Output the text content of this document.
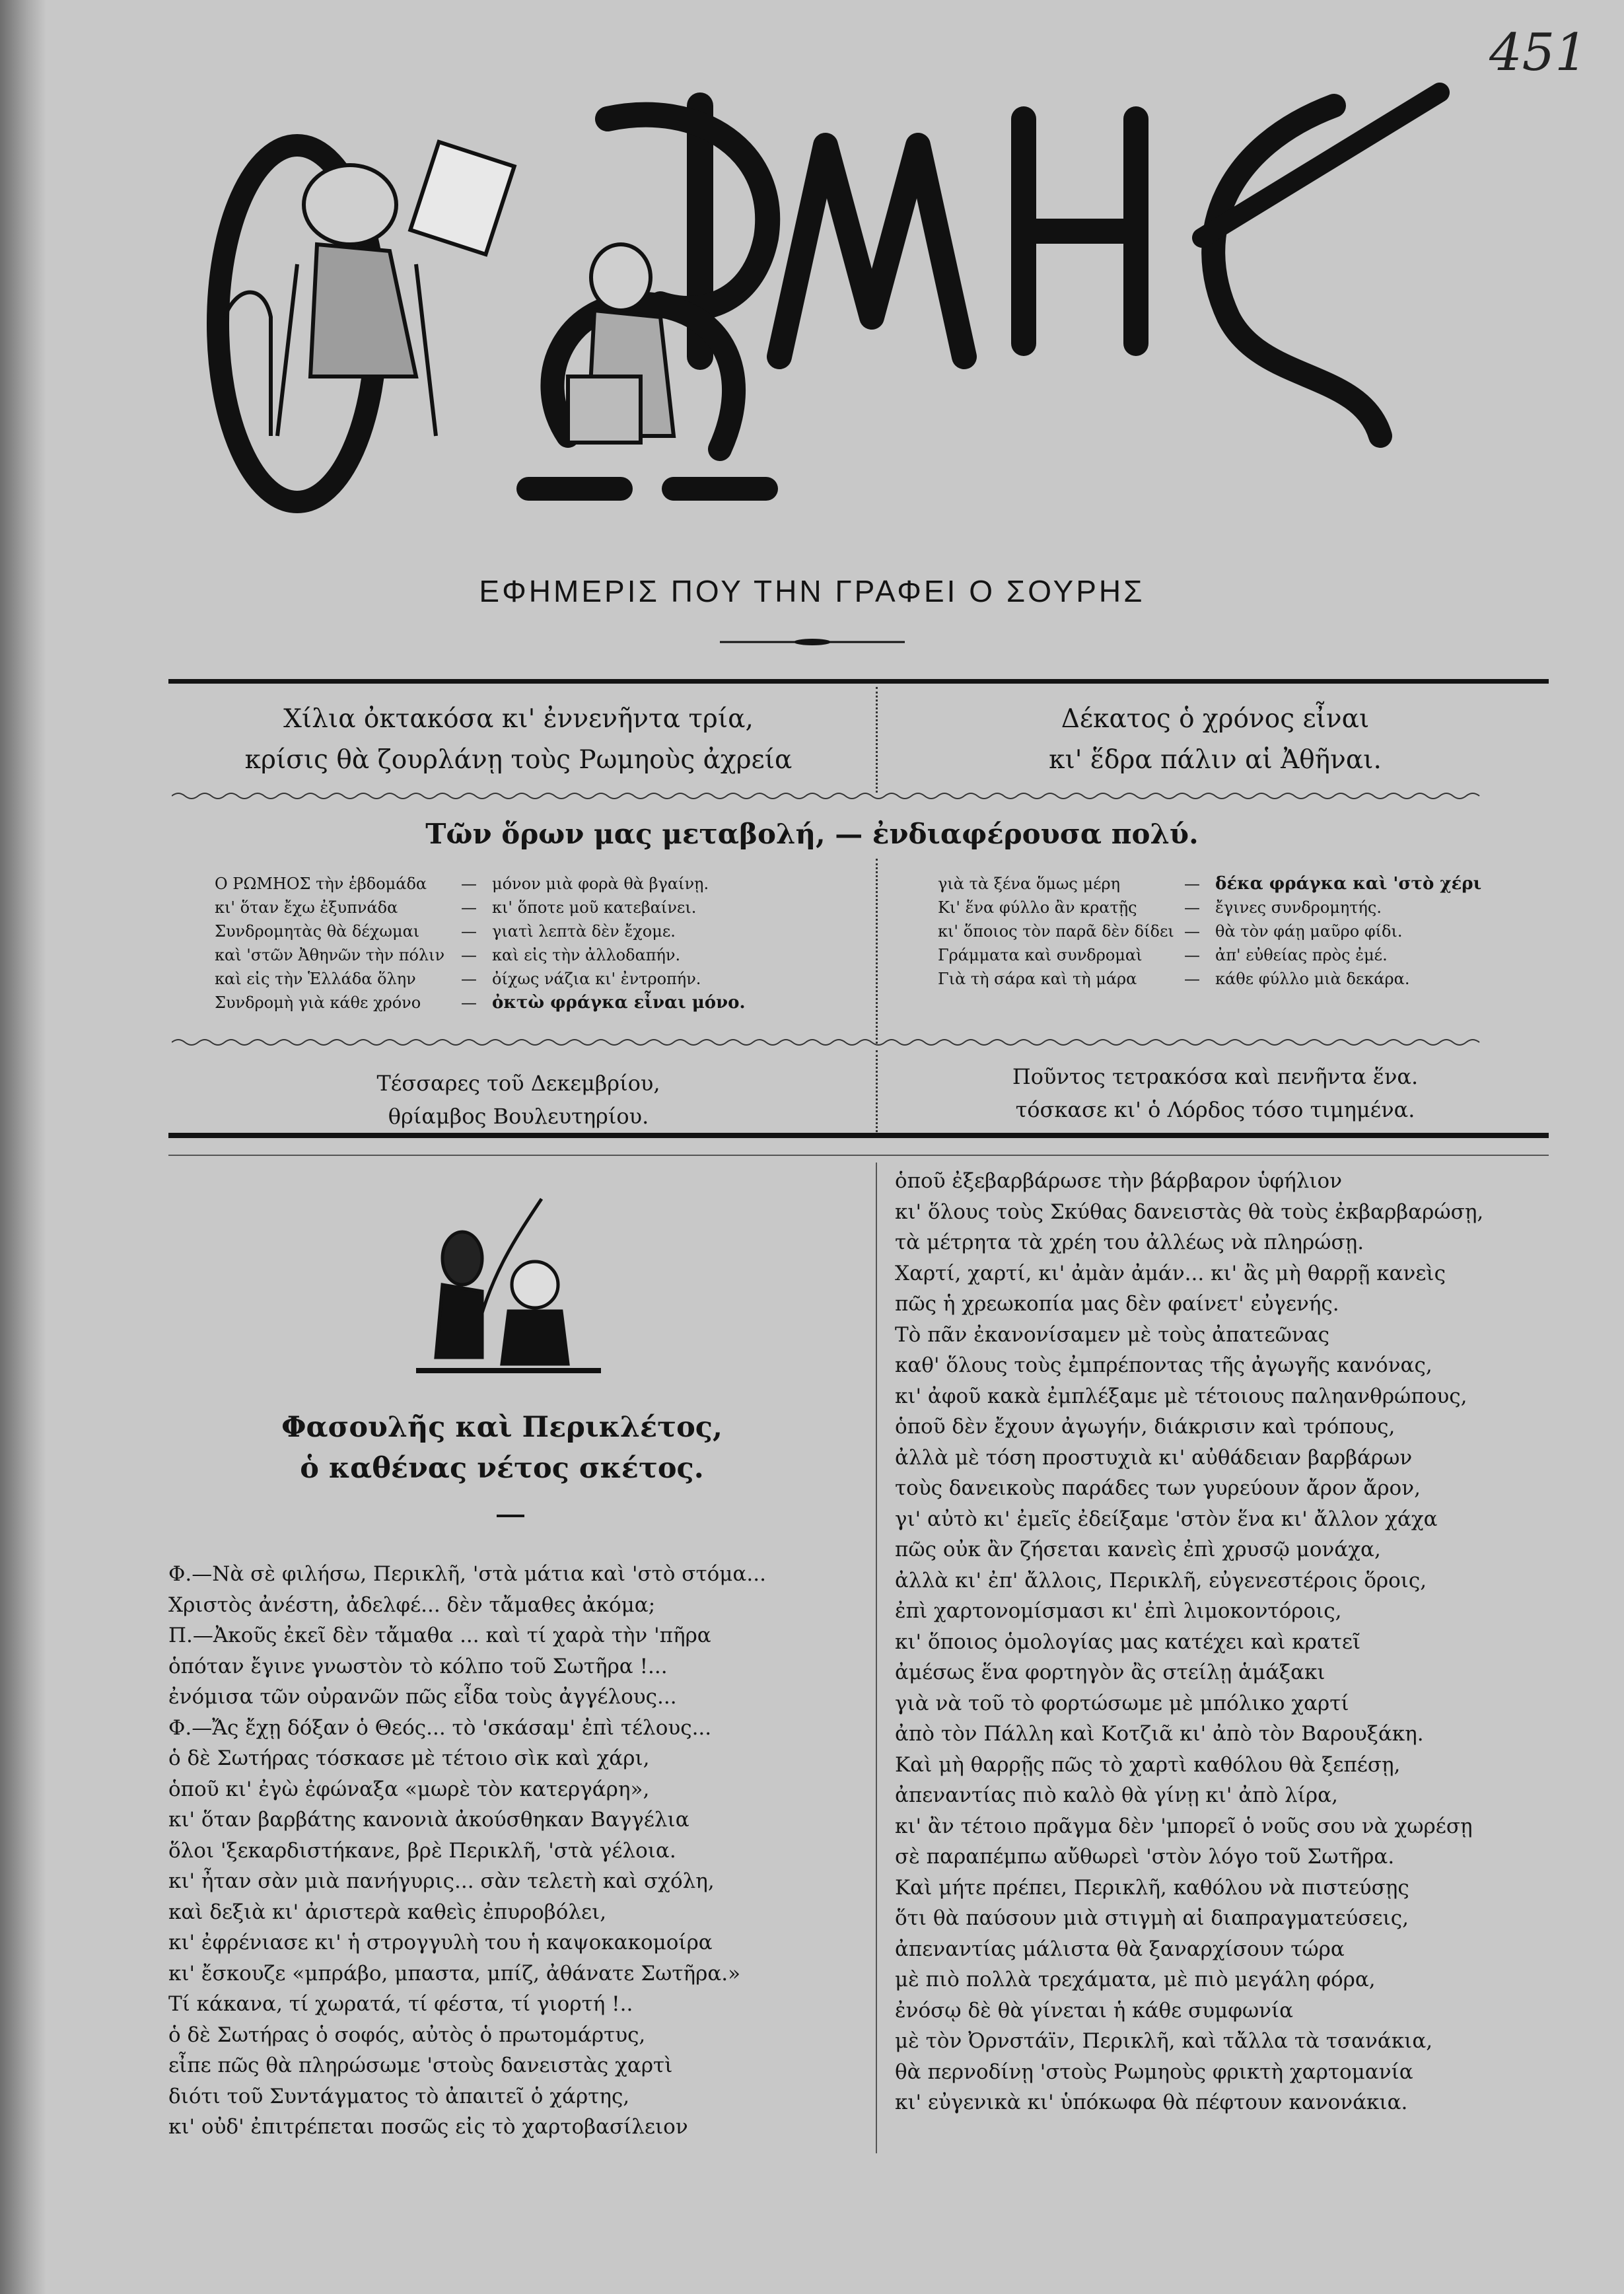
451
ΕΦΗΜΕΡΙΣ ΠΟΥ ΤΗΝ ΓΡΑΦΕΙ Ο ΣΟΥΡΗΣ
Χίλια ὀκτακόσα κι' ἐννενῆντα τρία,
κρίσις θὰ ζουρλάνῃ τοὺς Ρωμηοὺς ἀχρεία
Δέκατος ὁ χρόνος εἶναι
κι' ἕδρα πάλιν αἱ Ἀθῆναι.
Τῶν ὅρων μας μεταβολή, — ἐνδιαφέρουσα πολύ.
Ο ΡΩΜΗΟΣ τὴν ἑβδομάδα	— μόνον μιὰ φορὰ θὰ βγαίνῃ.
κι' ὅταν ἔχω ἐξυπνάδα	— κι' ὅποτε μοῦ κατεβαίνει.
Συνδρομητὰς θὰ δέχωμαι	— γιατὶ λεπτὰ δὲν ἔχομε.
καὶ 'στῶν Ἀθηνῶν τὴν πόλιν	— καὶ εἰς τὴν ἀλλοδαπήν.
καὶ εἰς τὴν Ἑλλάδα ὅλην	— ὀίχως νάζια κι' ἐντροπήν.
Συνδρομὴ γιὰ κάθε χρόνο	— ὀκτὼ φράγκα εἶναι μόνο.
γιὰ τὰ ξένα ὅμως μέρη	— δέκα φράγκα καὶ 'στὸ χέρι
Κι' ἕνα φύλλο ἂν κρατῇς	— ἔγινες συνδρομητής.
κι' ὅποιος τὸν παρᾶ δὲν δίδει — θὰ τὸν φάῃ μαῦρο φίδι.
Γράμματα καὶ συνδρομαὶ	— ἀπ' εὐθείας πρὸς ἐμέ.
Γιὰ τὴ σάρα καὶ τὴ μάρα	— κάθε φύλλο μιὰ δεκάρα.
Τέσσαρες τοῦ Δεκεμβρίου,
θρίαμβος Βουλευτηρίου.
Ποῦντος τετρακόσα καὶ πενῆντα ἕνα.
τόσκασε κι' ὁ Λόρδος τόσο τιμημένα.
Φασουλῆς καὶ Περικλέτος,
ὁ καθένας νέτος σκέτος.
Φ.—Νὰ σὲ φιλήσω, Περικλῆ, 'στὰ μάτια καὶ 'στὸ στόμα...
Χριστὸς ἀνέστη, ἀδελφέ... δὲν τἄμαθες ἀκόμα;
Π.—Ἀκοῦς ἐκεῖ δὲν τἄμαθα ... καὶ τί χαρὰ τὴν 'πῆρα
ὁπόταν ἔγινε γνωστὸν τὸ κόλπο τοῦ Σωτῆρα !...
ἐνόμισα τῶν οὐρανῶν πῶς εἶδα τοὺς ἀγγέλους...
Φ.—Ἄς ἔχῃ δόξαν ὁ Θεός... τὸ 'σκάσαμ' ἐπὶ τέλους...
ὁ δὲ Σωτήρας τόσκασε μὲ τέτοιο σὶκ καὶ χάρι,
ὁποῦ κι' ἐγὼ ἐφώναξα «μωρὲ τὸν κατεργάρη»,
κι' ὅταν βαρβάτης κανονιὰ ἀκούσθηκαν Βαγγέλια
ὅλοι 'ξεκαρδιστήκανε, βρὲ Περικλῆ, 'στὰ γέλοια.
κι' ἦταν σὰν μιὰ πανήγυρις... σὰν τελετὴ καὶ σχόλη,
καὶ δεξιὰ κι' ἀριστερὰ καθεὶς ἐπυροβόλει,
κι' ἐφρένιασε κι' ἡ στρογγυλὴ του ἡ καψοκακομοίρα
κι' ἔσκουζε «μπράβο, μπαστα, μπίζ, ἀθάνατε Σωτῆρα.»
Τί κάκανα, τί χωρατά, τί φέστα, τί γιορτή !..
ὁ δὲ Σωτήρας ὁ σοφός, αὐτὸς ὁ πρωτομάρτυς,
εἶπε πῶς θὰ πληρώσωμε 'στοὺς δανειστὰς χαρτὶ
διότι τοῦ Συντάγματος τὸ ἀπαιτεῖ ὁ χάρτης,
κι' οὐδ' ἐπιτρέπεται ποσῶς εἰς τὸ χαρτοβασίλειον
ὁποῦ ἐξεβαρβάρωσε τὴν βάρβαρον ὑφήλιον
κι' ὅλους τοὺς Σκύθας δανειστὰς θὰ τοὺς ἐκβαρβαρώσῃ,
τὰ μέτρητα τὰ χρέη του ἀλλέως νὰ πληρώσῃ.
Χαρτί, χαρτί, κι' ἀμὰν ἀμάν... κι' ἂς μὴ θαρρῇ κανεὶς
πῶς ἡ χρεωκοπία μας δὲν φαίνετ' εὐγενής.
Τὸ πᾶν ἐκανονίσαμεν μὲ τοὺς ἀπατεῶνας
καθ' ὅλους τοὺς ἐμπρέποντας τῆς ἀγωγῆς κανόνας,
κι' ἀφοῦ κακὰ ἐμπλέξαμε μὲ τέτοιους παληανθρώπους,
ὁποῦ δὲν ἔχουν ἀγωγήν, διάκρισιν καὶ τρόπους,
ἀλλὰ μὲ τόση προστυχιὰ κι' αὐθάδειαν βαρβάρων
τοὺς δανεικοὺς παράδες των γυρεύουν ἄρον ἄρον,
γι' αὐτὸ κι' ἐμεῖς ἐδείξαμε 'στὸν ἕνα κι' ἄλλον χάχα
πῶς οὐκ ἂν ζήσεται κανεὶς ἐπὶ χρυσῷ μονάχα,
ἀλλὰ κι' ἐπ' ἄλλοις, Περικλῆ, εὐγενεστέροις ὅροις,
ἐπὶ χαρτονομίσμασι κι' ἐπὶ λιμοκοντόροις,
κι' ὅποιος ὁμολογίας μας κατέχει καὶ κρατεῖ
ἀμέσως ἕνα φορτηγὸν ἂς στείλῃ ἁμάξακι
γιὰ νὰ τοῦ τὸ φορτώσωμε μὲ μπόλικο χαρτί
ἀπὸ τὸν Πάλλη καὶ Κοτζιᾶ κι' ἀπὸ τὸν Βαρουξάκη.
Καὶ μὴ θαρρῇς πῶς τὸ χαρτὶ καθόλου θὰ ξεπέσῃ,
ἀπεναντίας πιὸ καλὸ θὰ γίνῃ κι' ἀπὸ λίρα,
κι' ἂν τέτοιο πρᾶγμα δὲν 'μπορεῖ ὁ νοῦς σου νὰ χωρέσῃ
σὲ παραπέμπω αὔθωρεὶ 'στὸν λόγο τοῦ Σωτῆρα.
Καὶ μήτε πρέπει, Περικλῆ, καθόλου νὰ πιστεύσῃς
ὅτι θὰ παύσουν μιὰ στιγμὴ αἱ διαπραγματεύσεις,
ἀπεναντίας μάλιστα θὰ ξαναρχίσουν τώρα
μὲ πιὸ πολλὰ τρεχάματα, μὲ πιὸ μεγάλη φόρα,
ἐνόσῳ δὲ θὰ γίνεται ἡ κάθε συμφωνία
μὲ τὸν Ὀρνστάϊν, Περικλῆ, καὶ τἄλλα τὰ τσανάκια,
θὰ περνοδίνῃ 'στοὺς Ρωμηοὺς φρικτὴ χαρτομανία
κι' εὐγενικὰ κι' ὑπόκωφα θὰ πέφτουν κανονάκια.
